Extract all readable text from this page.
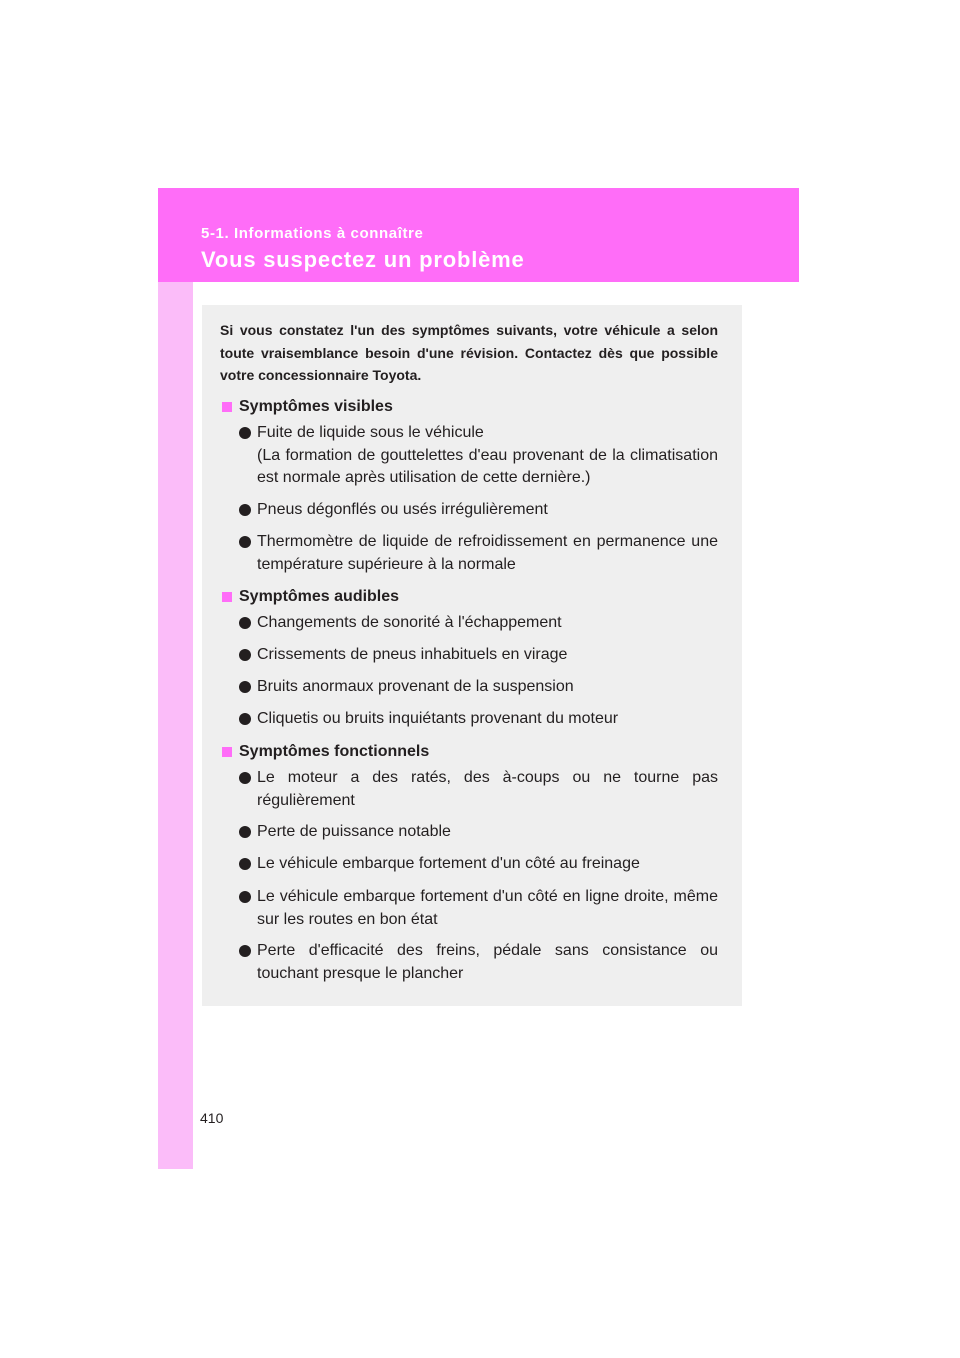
5-1. Informations à connaître
Vous suspectez un problème
Si vous constatez l'un des symptômes suivants, votre véhicule a selon toute vraisemblance besoin d'une révision. Contactez dès que possible votre concessionnaire Toyota.
Symptômes visibles
Fuite de liquide sous le véhicule
(La formation de gouttelettes d'eau provenant de la climatisation est normale après utilisation de cette dernière.)
Pneus dégonflés ou usés irrégulièrement
Thermomètre de liquide de refroidissement en permanence une température supérieure à la normale
Symptômes audibles
Changements de sonorité à l'échappement
Crissements de pneus inhabituels en virage
Bruits anormaux provenant de la suspension
Cliquetis ou bruits inquiétants provenant du moteur
Symptômes fonctionnels
Le moteur a des ratés, des à-coups ou ne tourne pas régulièrement
Perte de puissance notable
Le véhicule embarque fortement d'un côté au freinage
Le véhicule embarque fortement d'un côté en ligne droite, même sur les routes en bon état
Perte d'efficacité des freins, pédale sans consistance ou touchant presque le plancher
410
